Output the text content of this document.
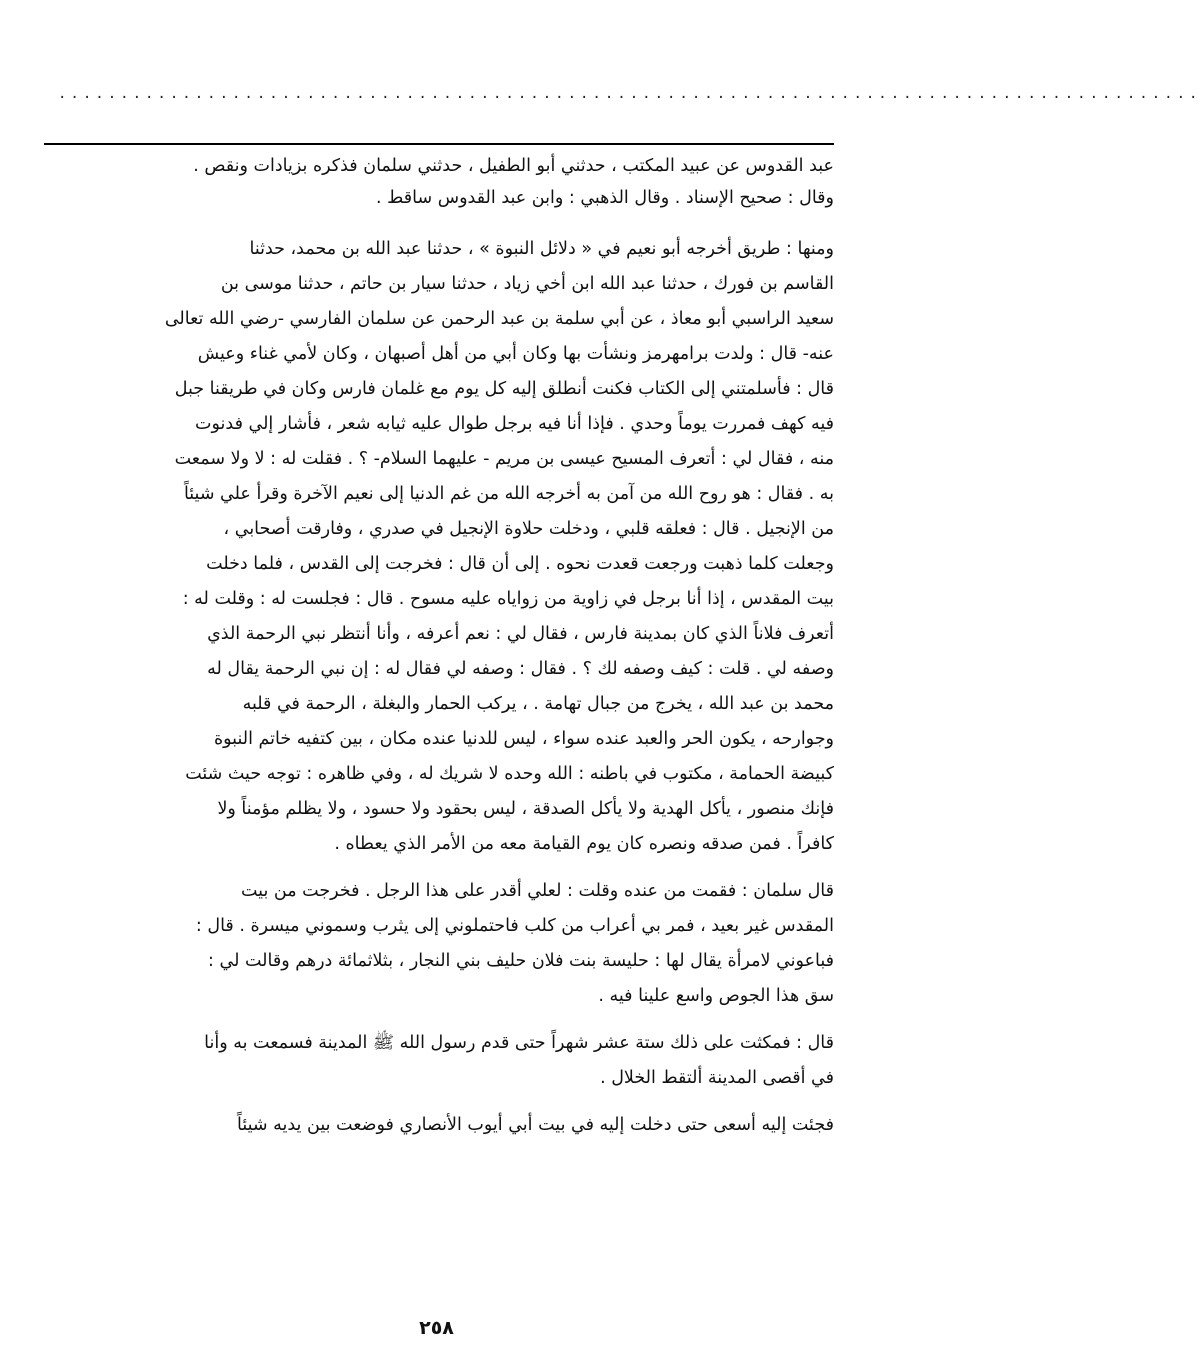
............................................................................................
عبد القدوس عن عبيد المكتب ، حدثني أبو الطفيل ، حدثني سلمان فذكره بزيادات ونقص .
وقال : صحيح الإسناد . وقال الذهبي : وابن عبد القدوس ساقط .
ومنها : طريق أخرجه أبو نعيم في « دلائل النبوة » ، حدثنا عبد الله بن محمد، حدثنا
القاسم بن فورك ، حدثنا عبد الله ابن أخي زياد ، حدثنا سيار بن حاتم ، حدثنا موسى بن
سعيد الراسبي أبو معاذ ، عن أبي سلمة بن عبد الرحمن عن سلمان الفارسي -رضي الله تعالى
عنه- قال : ولدت برامهرمز ونشأت بها وكان أبي من أهل أصبهان ، وكان لأمي غناء وعيش
قال : فأسلمتني إلى الكتاب فكنت أنطلق إليه كل يوم مع غلمان فارس وكان في طريقنا جبل
فيه كهف فمررت يوماً وحدي . فإذا أنا فيه برجل طوال عليه ثيابه شعر ، فأشار إلي فدنوت
منه ، فقال لي : أتعرف المسيح عيسى بن مريم - عليهما السلام- ؟ . فقلت له : لا ولا سمعت
به . فقال : هو روح الله من آمن به أخرجه الله من غم الدنيا إلى نعيم الآخرة وقرأ علي شيئاً
من الإنجيل . قال : فعلقه قلبي ، ودخلت حلاوة الإنجيل في صدري ، وفارقت أصحابي ،
وجعلت كلما ذهبت ورجعت قعدت نحوه . إلى أن قال : فخرجت إلى القدس ، فلما دخلت
بيت المقدس ، إذا أنا برجل في زاوية من زواياه عليه مسوح . قال : فجلست له : وقلت له :
أتعرف فلاناً الذي كان بمدينة فارس ، فقال لي : نعم أعرفه ، وأنا أنتظر نبي الرحمة الذي
وصفه لي . قلت : كيف وصفه لك ؟ . فقال : وصفه لي فقال له : إن نبي الرحمة يقال له
محمد بن عبد الله ، يخرج من جبال تهامة . ، يركب الحمار والبغلة ، الرحمة في قلبه
وجوارحه ، يكون الحر والعبد عنده سواء ، ليس للدنيا عنده مكان ، بين كتفيه خاتم النبوة
كبيضة الحمامة ، مكتوب في باطنه : الله وحده لا شريك له ، وفي ظاهره : توجه حيث شئت
فإنك منصور ، يأكل الهدية ولا يأكل الصدقة ، ليس بحقود ولا حسود ، ولا يظلم مؤمناً ولا
كافراً . فمن صدقه ونصره كان يوم القيامة معه من الأمر الذي يعطاه .
قال سلمان : فقمت من عنده وقلت : لعلي أقدر على هذا الرجل . فخرجت من بيت
المقدس غير بعيد ، فمر بي أعراب من كلب فاحتملوني إلى يثرب وسموني ميسرة . قال :
فباعوني لامرأة يقال لها : حليسة بنت فلان حليف بني النجار ، بثلاثمائة درهم وقالت لي :
سق هذا الجوص واسع علينا فيه .
قال : فمكثت على ذلك ستة عشر شهراً حتى قدم رسول الله ﷺ المدينة فسمعت به وأنا
في أقصى المدينة ألتقط الخلال .
فجئت إليه أسعى حتى دخلت إليه في بيت أبي أيوب الأنصاري فوضعت بين يديه شيئاً
٢٥٨
